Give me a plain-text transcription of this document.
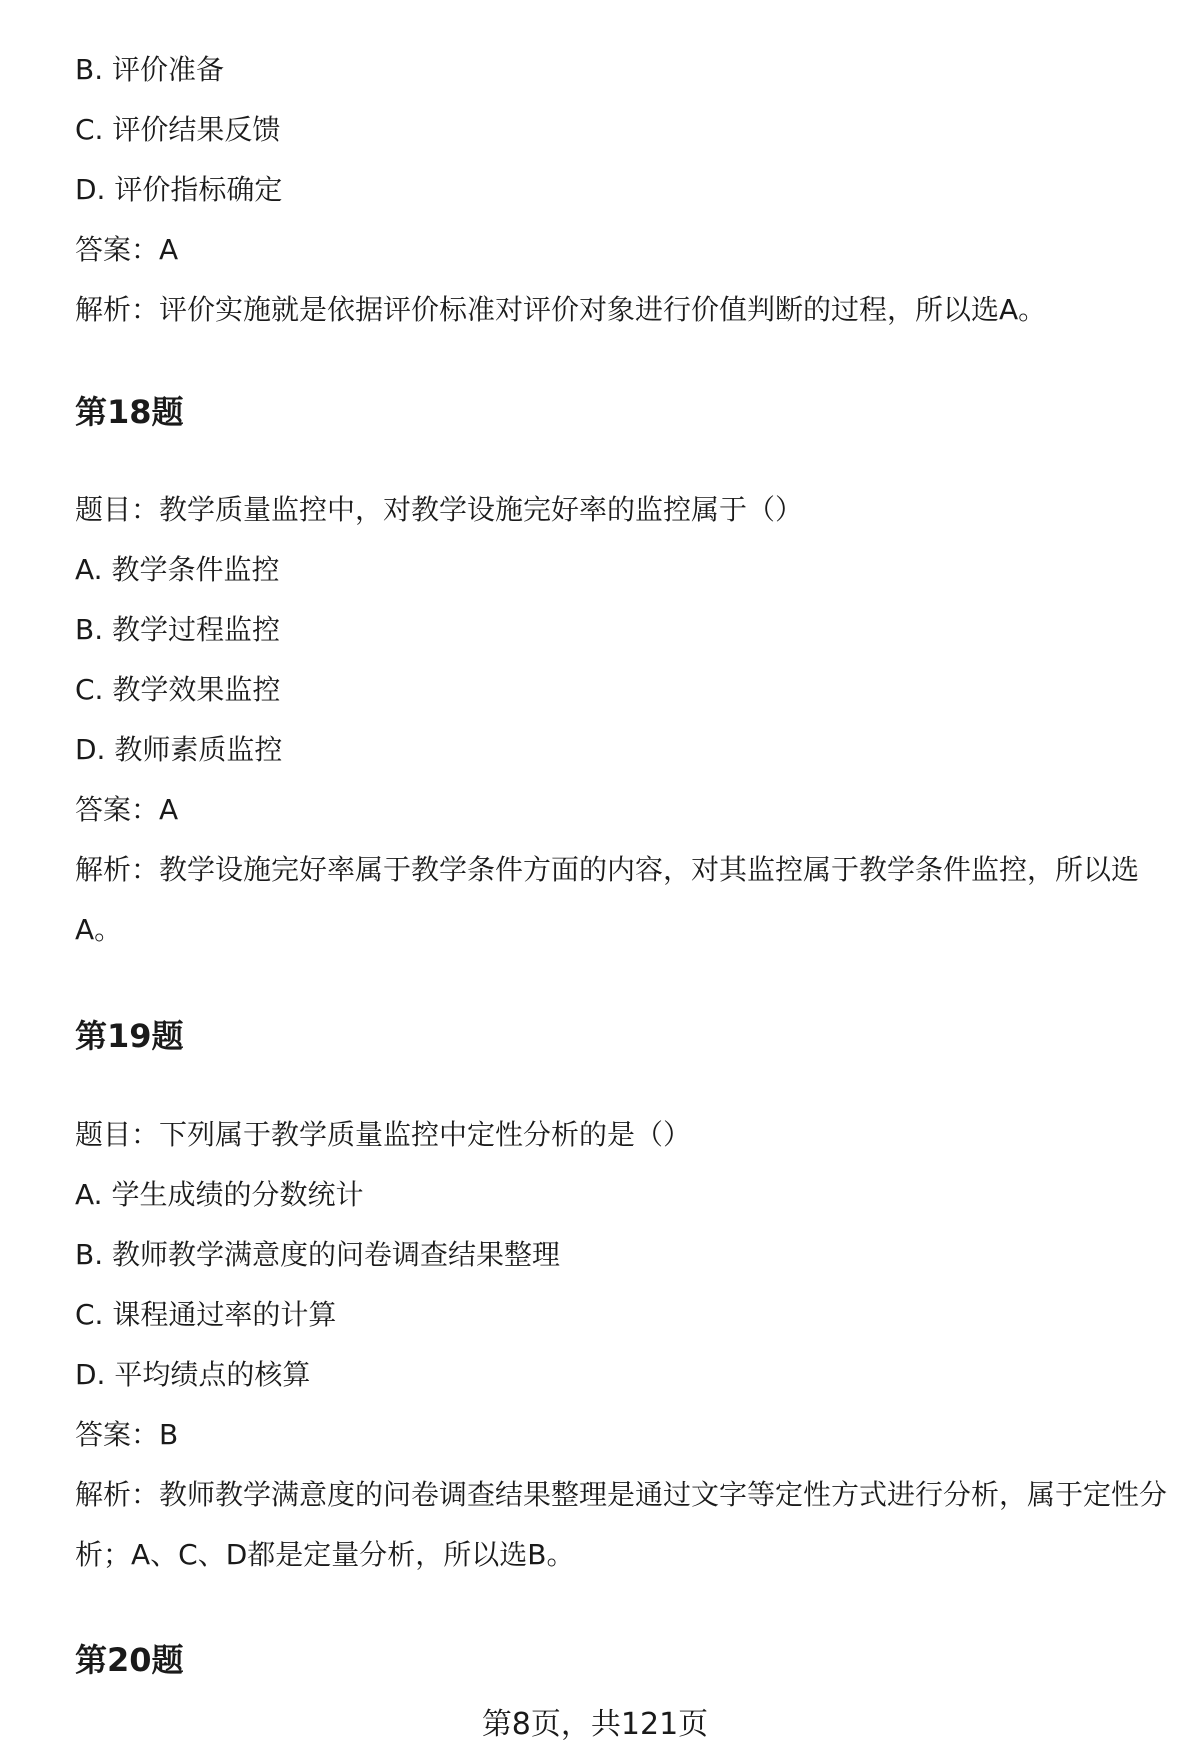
B. 评价准备
C. 评价结果反馈
D. 评价指标确定
答案：A
解析：评价实施就是依据评价标准对评价对象进行价值判断的过程，所以选A。
第18题
题目：教学质量监控中，对教学设施完好率的监控属于（）
A. 教学条件监控
B. 教学过程监控
C. 教学效果监控
D. 教师素质监控
答案：A
解析：教学设施完好率属于教学条件方面的内容，对其监控属于教学条件监控，所以选A。
第19题
题目：下列属于教学质量监控中定性分析的是（）
A. 学生成绩的分数统计
B. 教师教学满意度的问卷调查结果整理
C. 课程通过率的计算
D. 平均绩点的核算
答案：B
解析：教师教学满意度的问卷调查结果整理是通过文字等定性方式进行分析，属于定性分析；A、C、D都是定量分析，所以选B。
第20题
第8页，共121页
